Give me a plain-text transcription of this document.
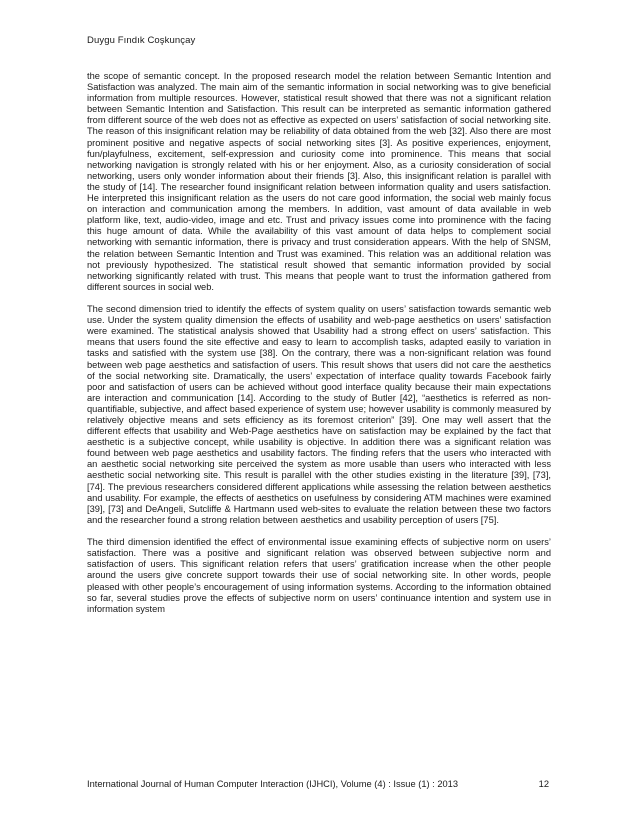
Duygu Fındık Coşkunçay

the scope of semantic concept. In the proposed research model the relation between Semantic Intention and Satisfaction was analyzed. The main aim of the semantic information in social networking was to give beneficial information from multiple resources. However, statistical result showed that there was not a significant relation between Semantic Intention and Satisfaction. This result can be interpreted as semantic information gathered from different source of the web does not as effective as expected on users’ satisfaction of social networking site. The reason of this insignificant relation may be reliability of data obtained from the web [32]. Also there are most prominent positive and negative aspects of social networking sites [3]. As positive experiences, enjoyment, fun/playfulness, excitement, self-expression and curiosity come into prominence. This means that social networking navigation is strongly related with his or her enjoyment. Also, as a curiosity consideration of social networking, users only wonder information about their friends [3]. Also, this insignificant relation is parallel with the study of [14]. The researcher found insignificant relation between information quality and users satisfaction. He interpreted this insignificant relation as the users do not care good information, the social web mainly focus on interaction and communication among the members. In addition, vast amount of data available in web platform like, text, audio-video, image and etc. Trust and privacy issues come into prominence with the facing this huge amount of data. While the availability of this vast amount of data helps to complement social networking with semantic information, there is privacy and trust consideration appears. With the help of SNSM, the relation between Semantic Intention and Trust was examined. This relation was an additional relation was not previously hypothesized. The statistical result showed that semantic information provided by social networking significantly related with trust. This means that people want to trust the information gathered from different sources in social web.

The second dimension tried to identify the effects of system quality on users’ satisfaction towards semantic web use. Under the system quality dimension the effects of usability and web-page aesthetics on users’ satisfaction were examined. The statistical analysis showed that Usability had a strong effect on users’ satisfaction. This means that users found the site effective and easy to learn to accomplish tasks, adapted easily to variation in tasks and satisfied with the system use [38]. On the contrary, there was a non-significant relation was found between web page aesthetics and satisfaction of users. This result shows that users did not care the aesthetics of the social networking site. Dramatically, the users’ expectation of interface quality towards Facebook fairly poor and satisfaction of users can be achieved without good interface quality because their main expectations are interaction and communication [14]. According to the study of Butler [42], “aesthetics is referred as non-quantifiable, subjective, and affect based experience of system use; however usability is commonly measured by relatively objective means and sets efficiency as its foremost criterion” [39]. One may well assert that the different effects that usability and Web-Page aesthetics have on satisfaction may be explained by the fact that aesthetic is a subjective concept, while usability is objective. In addition there was a significant relation was found between web page aesthetics and usability factors. The finding refers that the users who interacted with an aesthetic social networking site perceived the system as more usable than users who interacted with less aesthetic social networking site. This result is parallel with the other studies existing in the literature [39], [73], [74]. The previous researchers considered different applications while assessing the relation between aesthetics and usability. For example, the effects of aesthetics on usefulness by considering ATM machines were examined [39], [73] and DeAngeli, Sutcliffe & Hartmann used web-sites to evaluate the relation between these two factors and the researcher found a strong relation between aesthetics and usability perception of users [75].

The third dimension identified the effect of environmental issue examining effects of subjective norm on users’ satisfaction. There was a positive and significant relation was observed between subjective norm and satisfaction of users. This significant relation refers that users’ gratification increase when the other people around the users give concrete support towards their use of social networking site. In other words, people pleased with other people’s encouragement of using information systems. According to the information obtained so far, several studies prove the effects of subjective norm on users’ continuance intention and system use in information system

International Journal of Human Computer Interaction (IJHCI), Volume (4) : Issue (1) : 2013	12
